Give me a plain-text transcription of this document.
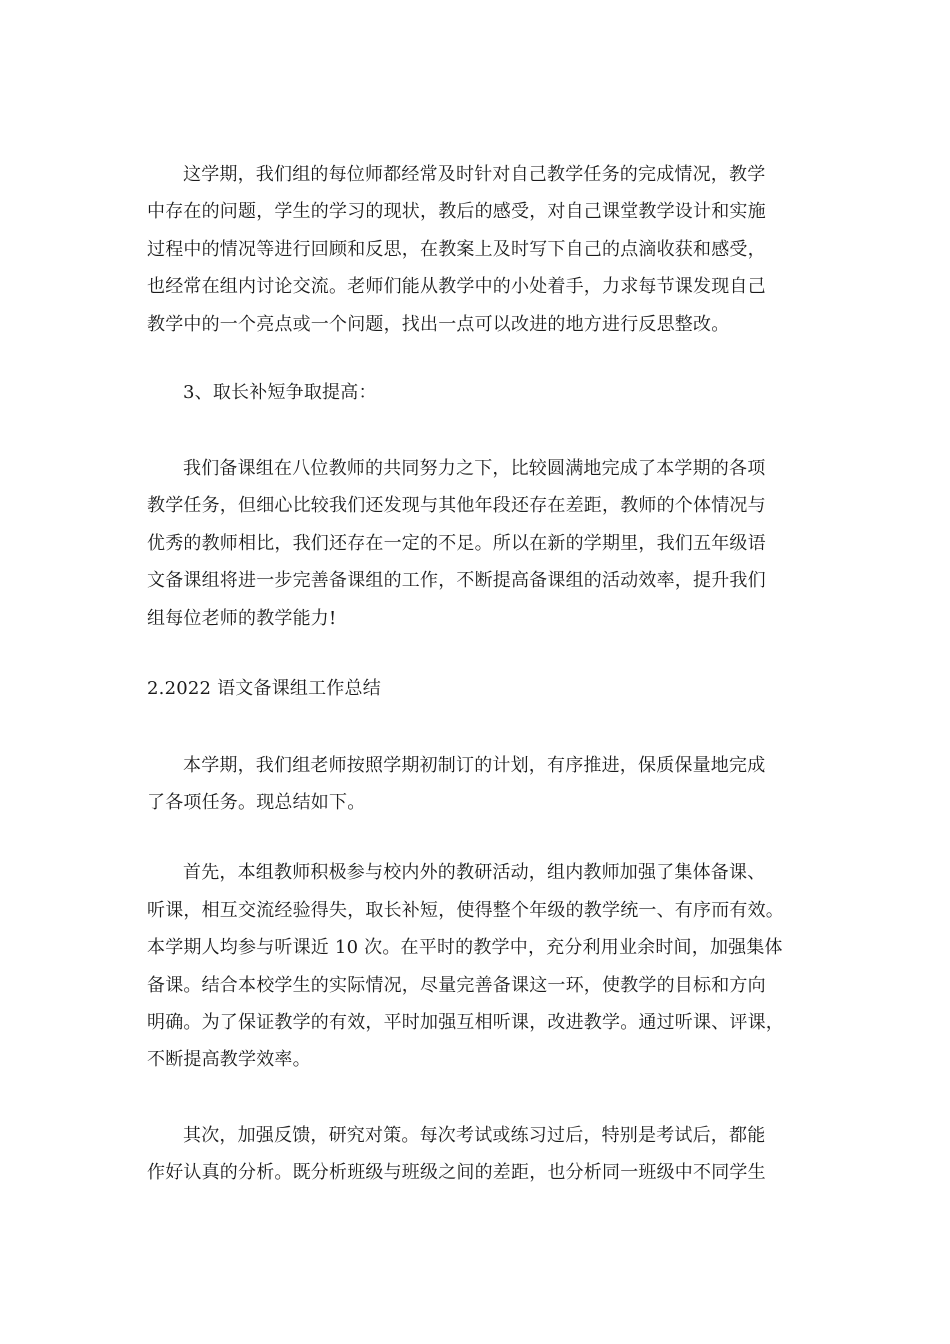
这学期，我们组的每位师都经常及时针对自己教学任务的完成情况，教学
中存在的问题，学生的学习的现状，教后的感受，对自己课堂教学设计和实施
过程中的情况等进行回顾和反思，在教案上及时写下自己的点滴收获和感受，
也经常在组内讨论交流。老师们能从教学中的小处着手，力求每节课发现自己
教学中的一个亮点或一个问题，找出一点可以改进的地方进行反思整改。
3、取长补短争取提高：
我们备课组在八位教师的共同努力之下，比较圆满地完成了本学期的各项
教学任务，但细心比较我们还发现与其他年段还存在差距，教师的个体情况与
优秀的教师相比，我们还存在一定的不足。所以在新的学期里，我们五年级语
文备课组将进一步完善备课组的工作，不断提高备课组的活动效率，提升我们
组每位老师的教学能力!
2.2022 语文备课组工作总结
本学期，我们组老师按照学期初制订的计划，有序推进，保质保量地完成
了各项任务。现总结如下。
首先，本组教师积极参与校内外的教研活动，组内教师加强了集体备课、
听课，相互交流经验得失，取长补短，使得整个年级的教学统一、有序而有效。
本学期人均参与听课近 10 次。在平时的教学中，充分利用业余时间，加强集体
备课。结合本校学生的实际情况，尽量完善备课这一环，使教学的目标和方向
明确。为了保证教学的有效，平时加强互相听课，改进教学。通过听课、评课，
不断提高教学效率。
其次，加强反馈，研究对策。每次考试或练习过后，特别是考试后，都能
作好认真的分析。既分析班级与班级之间的差距，也分析同一班级中不同学生
